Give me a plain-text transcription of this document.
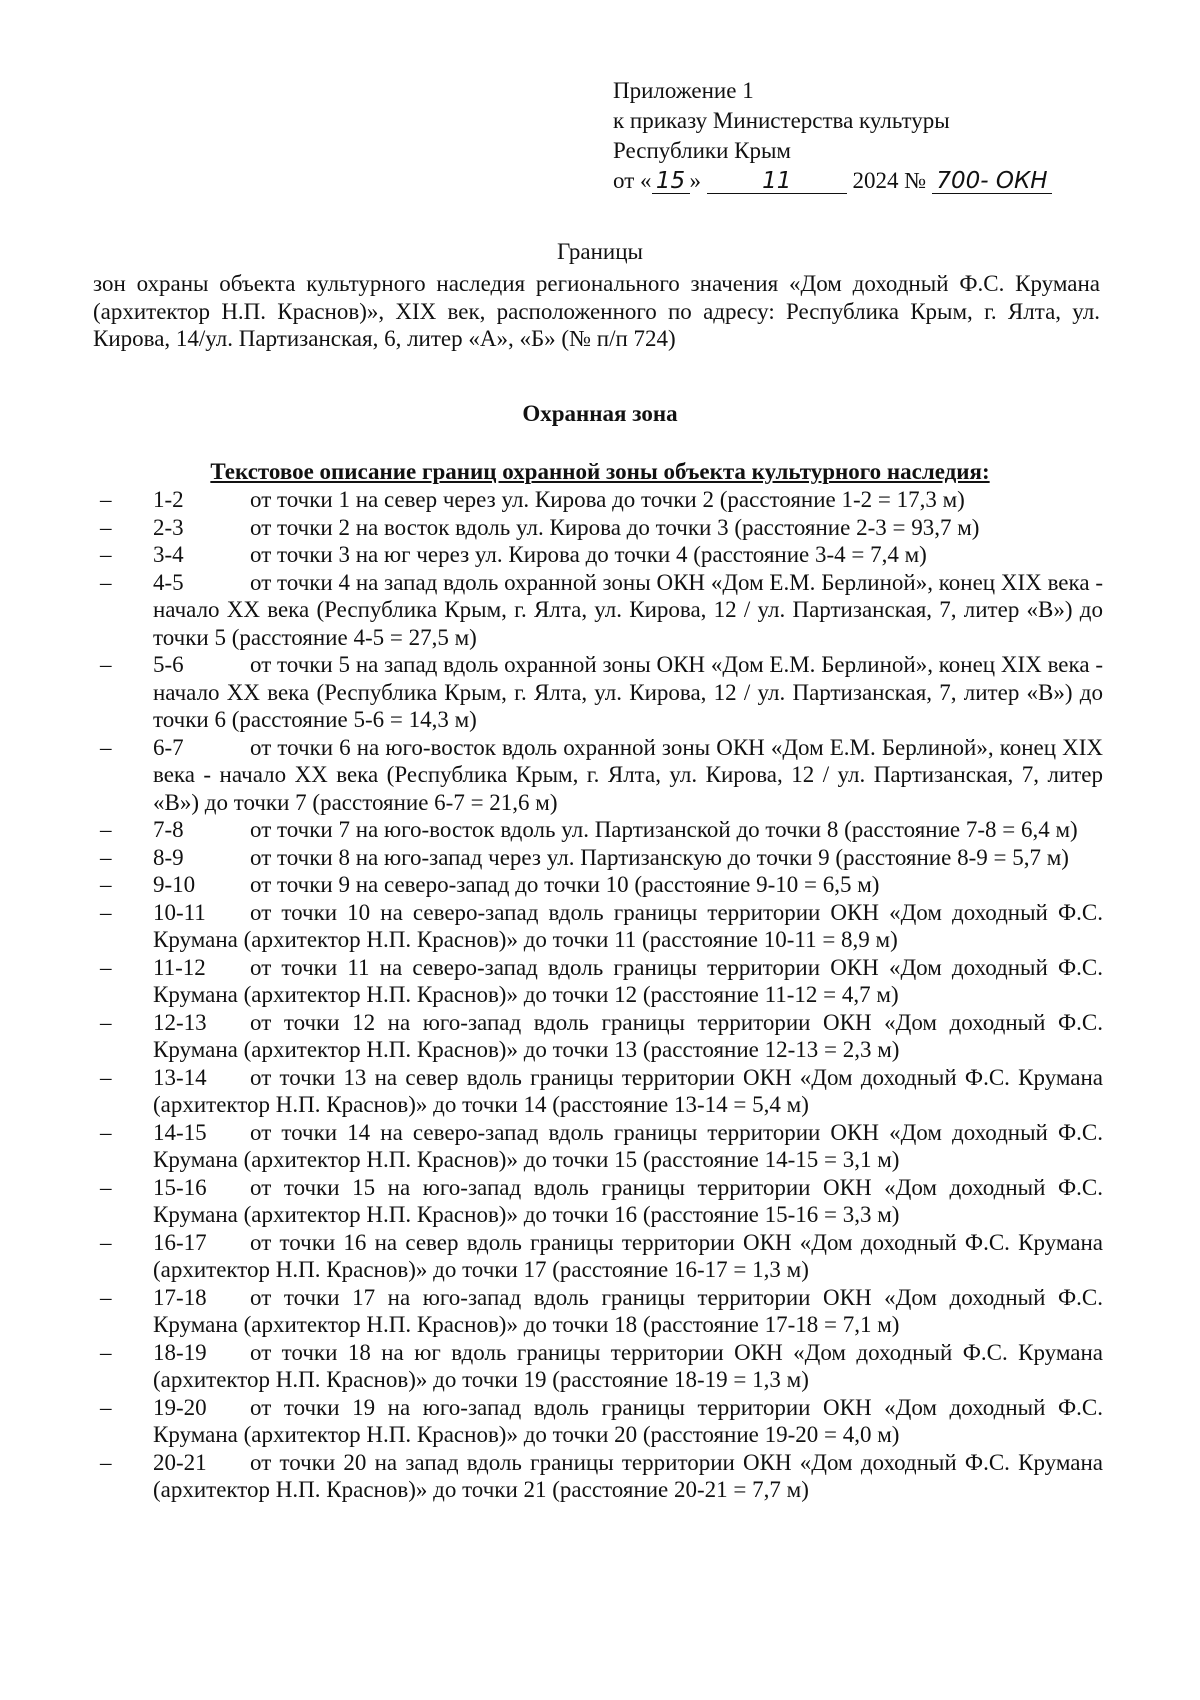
Приложение 1
к приказу Министерства культуры
Республики Крым
от « 15 »	11	2024 № 700- ОКН
Границы
зон охраны объекта культурного наследия регионального значения «Дом доходный Ф.С. Крумана (архитектор Н.П. Краснов)», XIX век, расположенного по адресу: Республика Крым, г. Ялта, ул. Кирова, 14/ул. Партизанская, 6, литер «А», «Б» (№ п/п 724)
Охранная зона
Текстовое описание границ охранной зоны объекта культурного наследия:
– 1-2	от точки 1 на север через ул. Кирова до точки 2 (расстояние 1-2 = 17,3 м)
– 2-3	от точки 2 на восток вдоль ул. Кирова до точки 3 (расстояние 2-3 = 93,7 м)
– 3-4	от точки 3 на юг через ул. Кирова до точки 4 (расстояние 3-4 = 7,4 м)
– 4-5	от точки 4 на запад вдоль охранной зоны ОКН «Дом Е.М. Берлиной», конец XIX века - начало XX века (Республика Крым, г. Ялта, ул. Кирова, 12 / ул. Партизанская, 7, литер «В») до точки 5 (расстояние 4-5 = 27,5 м)
– 5-6	от точки 5 на запад вдоль охранной зоны ОКН «Дом Е.М. Берлиной», конец XIX века - начало XX века (Республика Крым, г. Ялта, ул. Кирова, 12 / ул. Партизанская, 7, литер «В») до точки 6 (расстояние 5-6 = 14,3 м)
– 6-7	от точки 6 на юго-восток вдоль охранной зоны ОКН «Дом Е.М. Берлиной», конец XIX века - начало XX века (Республика Крым, г. Ялта, ул. Кирова, 12 / ул. Партизанская, 7, литер «В») до точки 7 (расстояние 6-7 = 21,6 м)
– 7-8	от точки 7 на юго-восток вдоль ул. Партизанской до точки 8 (расстояние 7-8 = 6,4 м)
– 8-9	от точки 8 на юго-запад через ул. Партизанскую до точки 9 (расстояние 8-9 = 5,7 м)
– 9-10 от точки 9 на северо-запад до точки 10 (расстояние 9-10 = 6,5 м)
– 10-11 от точки 10 на северо-запад вдоль границы территории ОКН «Дом доходный Ф.С. Крумана (архитектор Н.П. Краснов)» до точки 11 (расстояние 10-11 = 8,9 м)
– 11-12 от точки 11 на северо-запад вдоль границы территории ОКН «Дом доходный Ф.С. Крумана (архитектор Н.П. Краснов)» до точки 12 (расстояние 11-12 = 4,7 м)
– 12-13 от точки 12 на юго-запад вдоль границы территории ОКН «Дом доходный Ф.С. Крумана (архитектор Н.П. Краснов)» до точки 13 (расстояние 12-13 = 2,3 м)
– 13-14 от точки 13 на север вдоль границы территории ОКН «Дом доходный Ф.С. Крумана (архитектор Н.П. Краснов)» до точки 14 (расстояние 13-14 = 5,4 м)
– 14-15 от точки 14 на северо-запад вдоль границы территории ОКН «Дом доходный Ф.С. Крумана (архитектор Н.П. Краснов)» до точки 15 (расстояние 14-15 = 3,1 м)
– 15-16 от точки 15 на юго-запад вдоль границы территории ОКН «Дом доходный Ф.С. Крумана (архитектор Н.П. Краснов)» до точки 16 (расстояние 15-16 = 3,3 м)
– 16-17 от точки 16 на север вдоль границы территории ОКН «Дом доходный Ф.С. Крумана (архитектор Н.П. Краснов)» до точки 17 (расстояние 16-17 = 1,3 м)
– 17-18 от точки 17 на юго-запад вдоль границы территории ОКН «Дом доходный Ф.С. Крумана (архитектор Н.П. Краснов)» до точки 18 (расстояние 17-18 = 7,1 м)
– 18-19 от точки 18 на юг вдоль границы территории ОКН «Дом доходный Ф.С. Крумана (архитектор Н.П. Краснов)» до точки 19 (расстояние 18-19 = 1,3 м)
– 19-20 от точки 19 на юго-запад вдоль границы территории ОКН «Дом доходный Ф.С. Крумана (архитектор Н.П. Краснов)» до точки 20 (расстояние 19-20 = 4,0 м)
– 20-21 от точки 20 на запад вдоль границы территории ОКН «Дом доходный Ф.С. Крумана (архитектор Н.П. Краснов)» до точки 21 (расстояние 20-21 = 7,7 м)
